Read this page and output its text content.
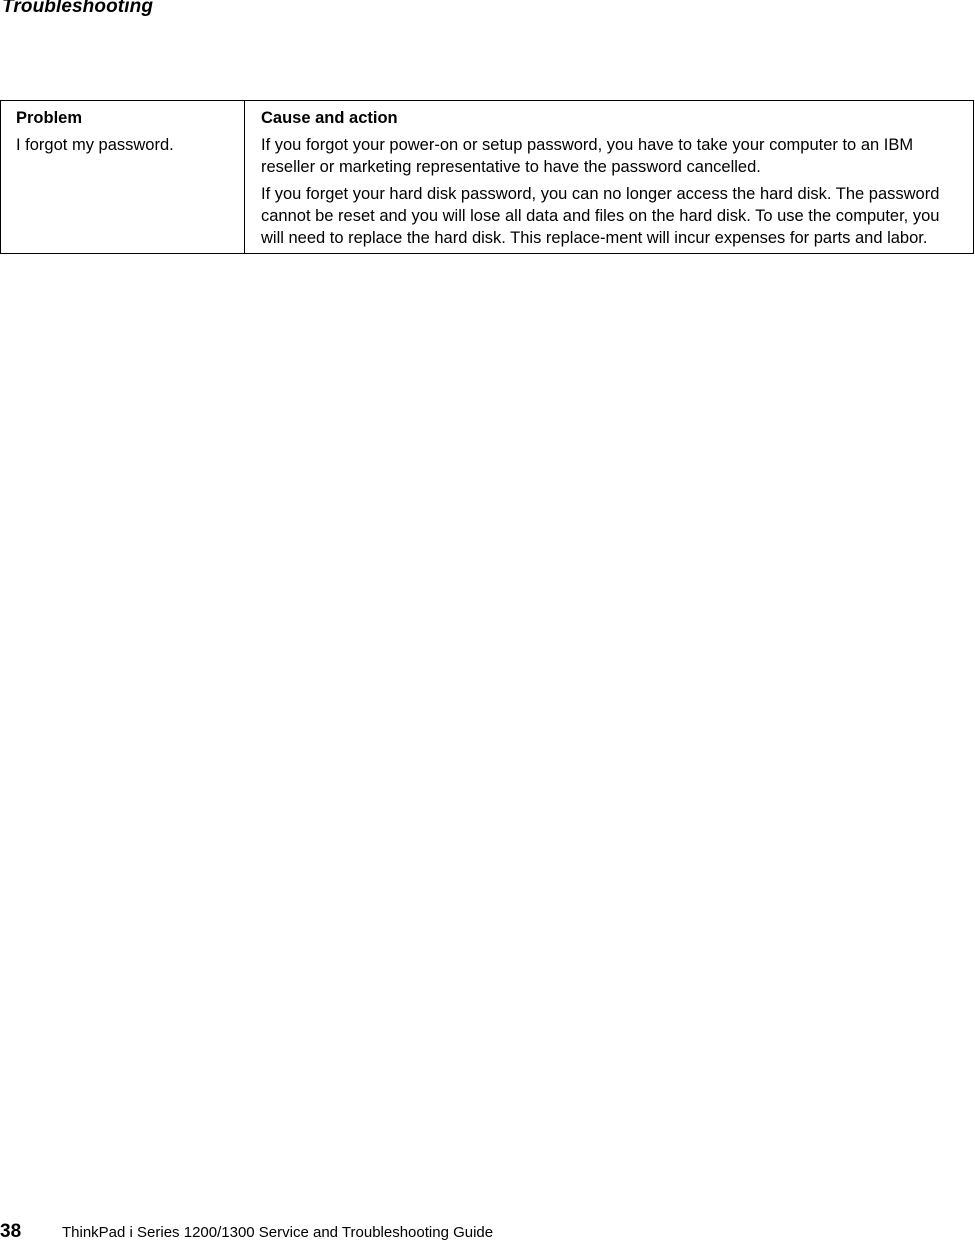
Troubleshooting
Problem	Cause and action
I forgot my password.	If you forgot your power-on or setup password, you have to take your computer to an IBM reseller or marketing representative to have the password cancelled.

If you forget your hard disk password, you can no longer access the hard disk. The password cannot be reset and you will lose all data and files on the hard disk. To use the computer, you will need to replace the hard disk. This replace-ment will incur expenses for parts and labor.

38	ThinkPad i Series 1200/1300 Service and Troubleshooting Guide
